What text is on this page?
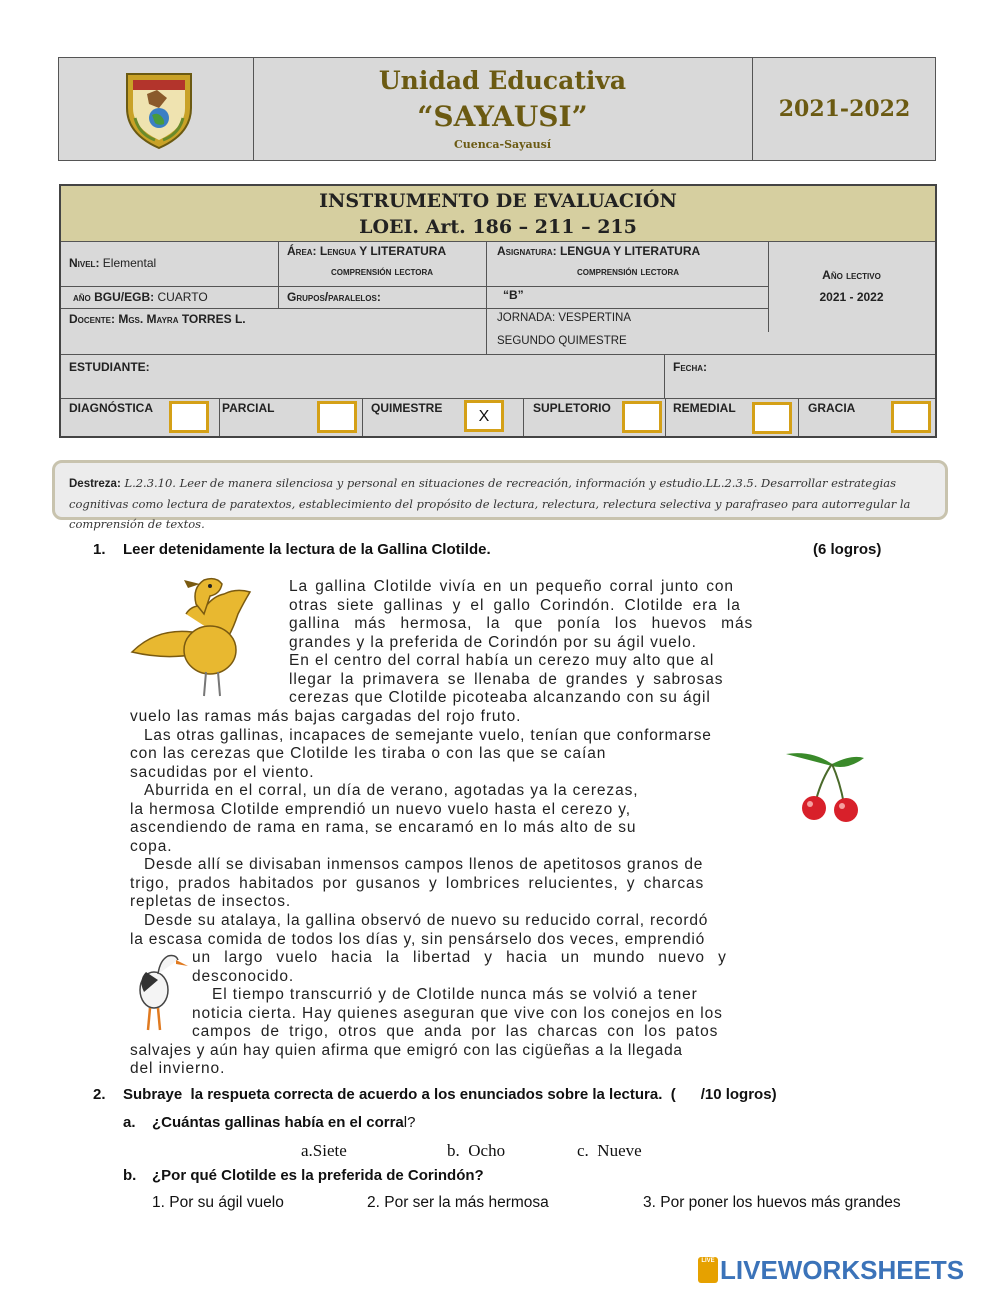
Unidad Educativa
“SAYAUSI”
Cuenca-Sayausí
2021-2022
INSTRUMENTO DE EVALUACIÓN
LOEI. Art. 186 – 211 – 215
Nivel: Elemental
Área: Lengua Y LITERATURA
comprensión lectora
Asignatura: LENGUA Y LITERATURA
comprensión lectora	Año lectivo
2021 - 2022
año BGU/EGB: CUARTO	Grupos/paralelos:	“B”
Docente: Mgs. Mayra TORRES L.	JORNADA: VESPERTINA
SEGUNDO QUIMESTRE
ESTUDIANTE:	Fecha:
DIAGNÓSTICA	PARCIAL	QUIMESTRE	X	SUPLETORIO	REMEDIAL	GRACIA
Destreza: L.2.3.10. Leer de manera silenciosa y personal en situaciones de recreación, información y estudio.LL.2.3.5. Desarrollar estrategias cognitivas como lectura de paratextos, establecimiento del propósito de lectura, relectura, relectura selectiva y parafraseo para autorregular la comprensión de textos.
1. Leer detenidamente la lectura de la Gallina Clotilde.	(6 logros)
La gallina Clotilde vivía en un pequeño corral junto con
otras siete gallinas y el gallo Corindón. Clotilde era la
gallina más hermosa, la que ponía los huevos más
grandes y la preferida de Corindón por su ágil vuelo.
En el centro del corral había un cerezo muy alto que al
llegar la primavera se llenaba de grandes y sabrosas
cerezas que Clotilde picoteaba alcanzando con su ágil
vuelo las ramas más bajas cargadas del rojo fruto.
Las otras gallinas, incapaces de semejante vuelo, tenían que conformarse
con las cerezas que Clotilde les tiraba o con las que se caían
sacudidas por el viento.
Aburrida en el corral, un día de verano, agotadas ya la cerezas,
la hermosa Clotilde emprendió un nuevo vuelo hasta el cerezo y,
ascendiendo de rama en rama, se encaramó en lo más alto de su
copa.
Desde allí se divisaban inmensos campos llenos de apetitosos granos de
trigo, prados habitados por gusanos y lombrices relucientes, y charcas
repletas de insectos.
Desde su atalaya, la gallina observó de nuevo su reducido corral, recordó
la escasa comida de todos los días y, sin pensárselo dos veces, emprendió
un largo vuelo hacia la libertad y hacia un mundo nuevo y
desconocido.
El tiempo transcurrió y de Clotilde nunca más se volvió a tener
noticia cierta. Hay quienes aseguran que vive con los conejos en los
campos de trigo, otros que anda por las charcas con los patos
salvajes y aún hay quien afirma que emigró con las cigüeñas a la llegada
del invierno.
2. Subraye  la respueta correcta de acuerdo a los enunciados sobre la lectura.  (      /10 logros)
a. ¿Cuántas gallinas había en el corral?
a.Siete	b.  Ocho	c.  Nueve
b. ¿Por qué Clotilde es la preferida de Corindón?
1. Por su ágil vuelo	2. Por ser la más hermosa	3. Por poner los huevos más grandes
LIVE LIVEWORKSHEETS
